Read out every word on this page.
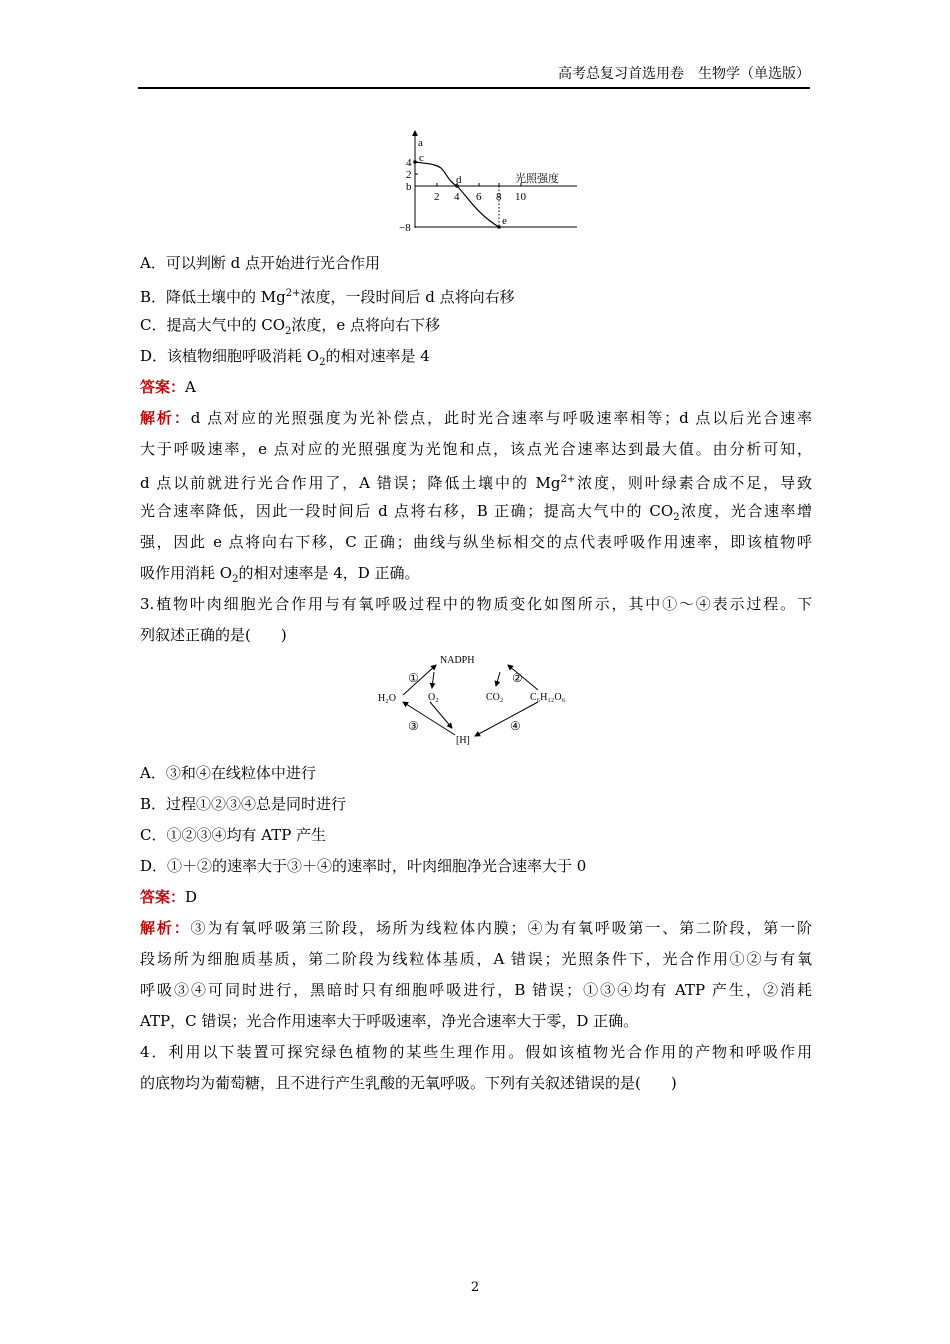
高考总复习首选用卷　生物学（单选版）
a
c
d
e
4
2
b
−8
2 4 6 8 10
光照强度
A．可以判断 d 点开始进行光合作用
B．降低土壤中的 $Mg^{2+}$浓度，一段时间后 d 点将向右移
C．提高大气中的 $CO_2$浓度，e 点将向右下移
D．该植物细胞呼吸消耗 $O_2$的相对速率是 4
答案：A
解析：d 点对应的光照强度为光补偿点，此时光合速率与呼吸速率相等；d 点以后光合速率
大于呼吸速率，e 点对应的光照强度为光饱和点，该点光合速率达到最大值。由分析可知，
d 点以前就进行光合作用了，A 错误；降低土壤中的 $Mg^{2+}$浓度，则叶绿素合成不足，导致
光合速率降低，因此一段时间后 d 点将右移，B 正确；提高大气中的 $CO_2$浓度，光合速率增
强，因此 e 点将向右下移，C 正确；曲线与纵坐标相交的点代表呼吸作用速率，即该植物呼
吸作用消耗 $O_2$的相对速率是 4，D 正确。
3.植物叶肉细胞光合作用与有氧呼吸过程中的物质变化如图所示，其中①～④表示过程。下
列叙述正确的是(　　)
A．③和④在线粒体中进行
B．过程①②③④总是同时进行
C．①②③④均有 ATP 产生
D．①＋②的速率大于③＋④的速率时，叶肉细胞净光合速率大于 0
答案：D
解析：③为有氧呼吸第三阶段，场所为线粒体内膜；④为有氧呼吸第一、第二阶段，第一阶
段场所为细胞质基质，第二阶段为线粒体基质，A 错误；光照条件下，光合作用①②与有氧
呼吸③④可同时进行，黑暗时只有细胞呼吸进行，B 错误；①③④均有 ATP 产生，②消耗
ATP，C 错误；光合作用速率大于呼吸速率，净光合速率大于零，D 正确。
4．利用以下装置可探究绿色植物的某些生理作用。假如该植物光合作用的产物和呼吸作用
的底物均为葡萄糖，且不进行产生乳酸的无氧呼吸。下列有关叙述错误的是(　　)
NADPH
H₂O	O₂	CO₂	C₆H₁₂O₆
[H]
①	②
③	④
2
